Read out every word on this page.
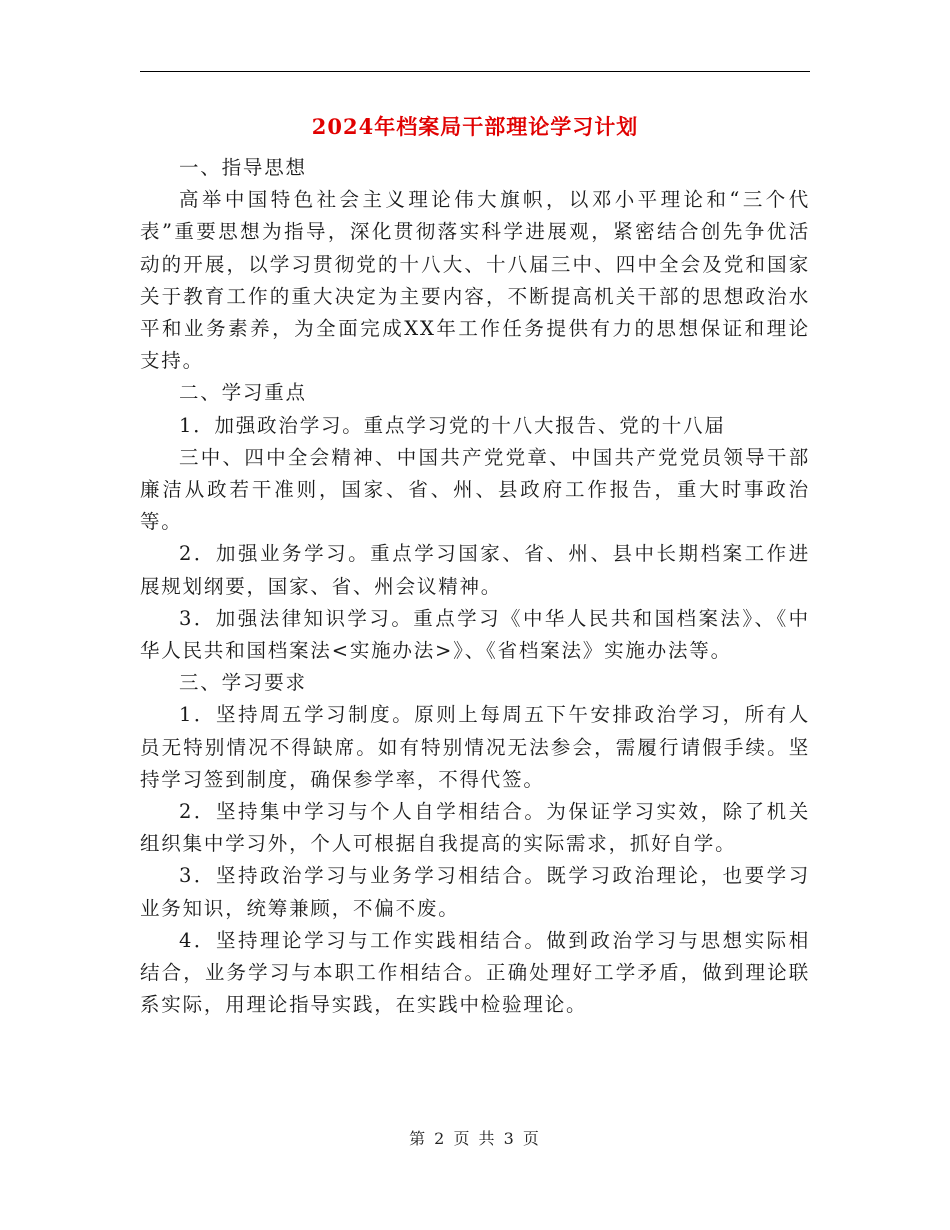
2024年档案局干部理论学习计划

一、指导思想

高举中国特色社会主义理论伟大旗帜，以邓小平理论和“三个代表”重要思想为指导，深化贯彻落实科学进展观，紧密结合创先争优活动的开展，以学习贯彻党的十八大、十八届三中、四中全会及党和国家关于教育工作的重大决定为主要内容，不断提高机关干部的思想政治水平和业务素养，为全面完成XX年工作任务提供有力的思想保证和理论支持。

二、学习重点

1．加强政治学习。重点学习党的十八大报告、党的十八届

三中、四中全会精神、中国共产党党章、中国共产党党员领导干部廉洁从政若干准则，国家、省、州、县政府工作报告，重大时事政治等。

2．加强业务学习。重点学习国家、省、州、县中长期档案工作进展规划纲要，国家、省、州会议精神。

3．加强法律知识学习。重点学习《中华人民共和国档案法》、《中华人民共和国档案法<实施办法>》、《省档案法》实施办法等。

三、学习要求

1．坚持周五学习制度。原则上每周五下午安排政治学习，所有人员无特别情况不得缺席。如有特别情况无法参会，需履行请假手续。坚持学习签到制度，确保参学率，不得代签。

2．坚持集中学习与个人自学相结合。为保证学习实效，除了机关组织集中学习外，个人可根据自我提高的实际需求，抓好自学。

3．坚持政治学习与业务学习相结合。既学习政治理论，也要学习业务知识，统筹兼顾，不偏不废。

4．坚持理论学习与工作实践相结合。做到政治学习与思想实际相结合，业务学习与本职工作相结合。正确处理好工学矛盾，做到理论联系实际，用理论指导实践，在实践中检验理论。

第 2 页 共 3 页
